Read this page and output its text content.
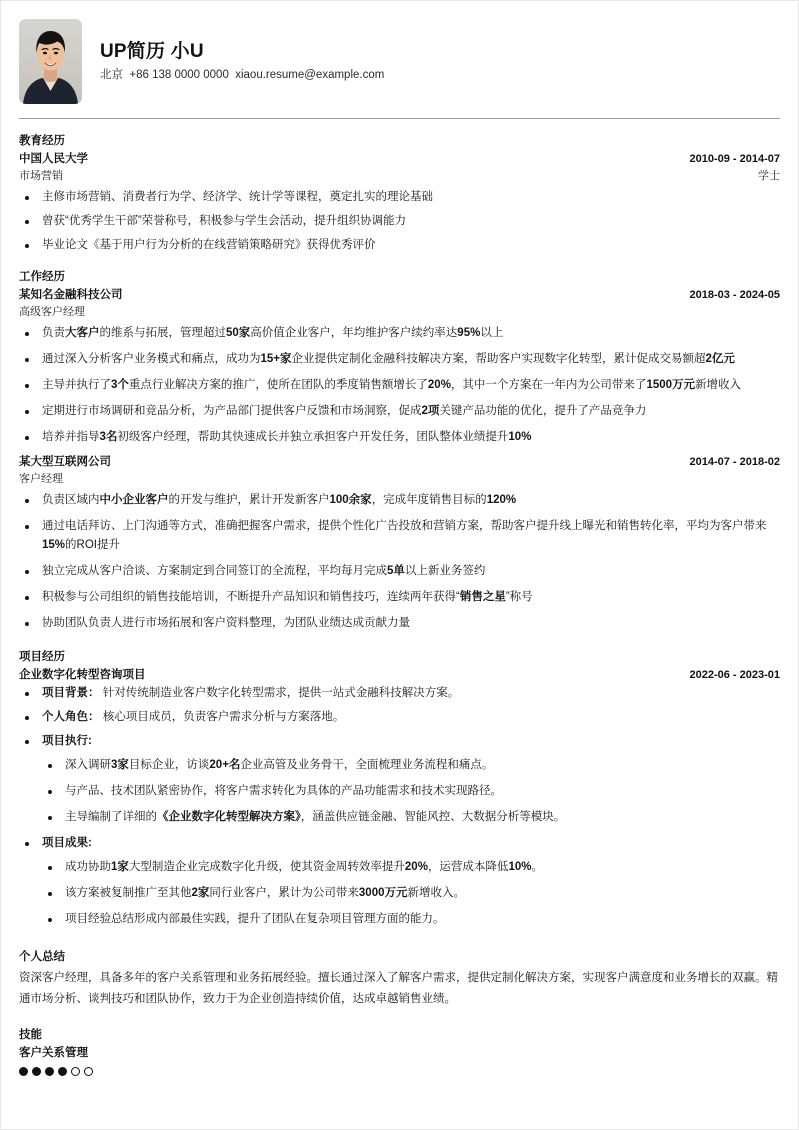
UP简历 小U
北京  +86 138 0000 0000  xiaou.resume@example.com
教育经历
中国人民大学	2010-09 - 2014-07
市场营销	学士
主修市场营销、消费者行为学、经济学、统计学等课程，奠定扎实的理论基础
曾获“优秀学生干部”荣誉称号，积极参与学生会活动，提升组织协调能力
毕业论文《基于用户行为分析的在线营销策略研究》获得优秀评价
工作经历
某知名金融科技公司	2018-03 - 2024-05
高级客户经理
负责大客户的维系与拓展，管理超过50家高价值企业客户，年均维护客户续约率达95%以上
通过深入分析客户业务模式和痛点，成功为15+家企业提供定制化金融科技解决方案，帮助客户实现数字化转型，累计促成交易额超2亿元
主导并执行了3个重点行业解决方案的推广，使所在团队的季度销售额增长了20%，其中一个方案在一年内为公司带来了1500万元新增收入
定期进行市场调研和竞品分析，为产品部门提供客户反馈和市场洞察，促成2项关键产品功能的优化，提升了产品竞争力
培养并指导3名初级客户经理，帮助其快速成长并独立承担客户开发任务，团队整体业绩提升10%
某大型互联网公司	2014-07 - 2018-02
客户经理
负责区域内中小企业客户的开发与维护，累计开发新客户100余家，完成年度销售目标的120%
通过电话拜访、上门沟通等方式，准确把握客户需求，提供个性化广告投放和营销方案，帮助客户提升线上曝光和销售转化率，平均为客户带来15%的ROI提升
独立完成从客户洽谈、方案制定到合同签订的全流程，平均每月完成5单以上新业务签约
积极参与公司组织的销售技能培训，不断提升产品知识和销售技巧，连续两年获得“销售之星”称号
协助团队负责人进行市场拓展和客户资料整理，为团队业绩达成贡献力量
项目经历
企业数字化转型咨询项目	2022-06 - 2023-01
项目背景： 针对传统制造业客户数字化转型需求，提供一站式金融科技解决方案。
个人角色： 核心项目成员，负责客户需求分析与方案落地。
项目执行:
深入调研3家目标企业，访谈20+名企业高管及业务骨干，全面梳理业务流程和痛点。
与产品、技术团队紧密协作，将客户需求转化为具体的产品功能需求和技术实现路径。
主导编制了详细的《企业数字化转型解决方案》，涵盖供应链金融、智能风控、大数据分析等模块。
项目成果:
成功协助1家大型制造企业完成数字化升级，使其资金周转效率提升20%，运营成本降低10%。
该方案被复制推广至其他2家同行业客户，累计为公司带来3000万元新增收入。
项目经验总结形成内部最佳实践，提升了团队在复杂项目管理方面的能力。
个人总结
资深客户经理，具备多年的客户关系管理和业务拓展经验。擅长通过深入了解客户需求，提供定制化解决方案，实现客户满意度和业务增长的双赢。精通市场分析、谈判技巧和团队协作，致力于为企业创造持续价值，达成卓越销售业绩。
技能
客户关系管理
